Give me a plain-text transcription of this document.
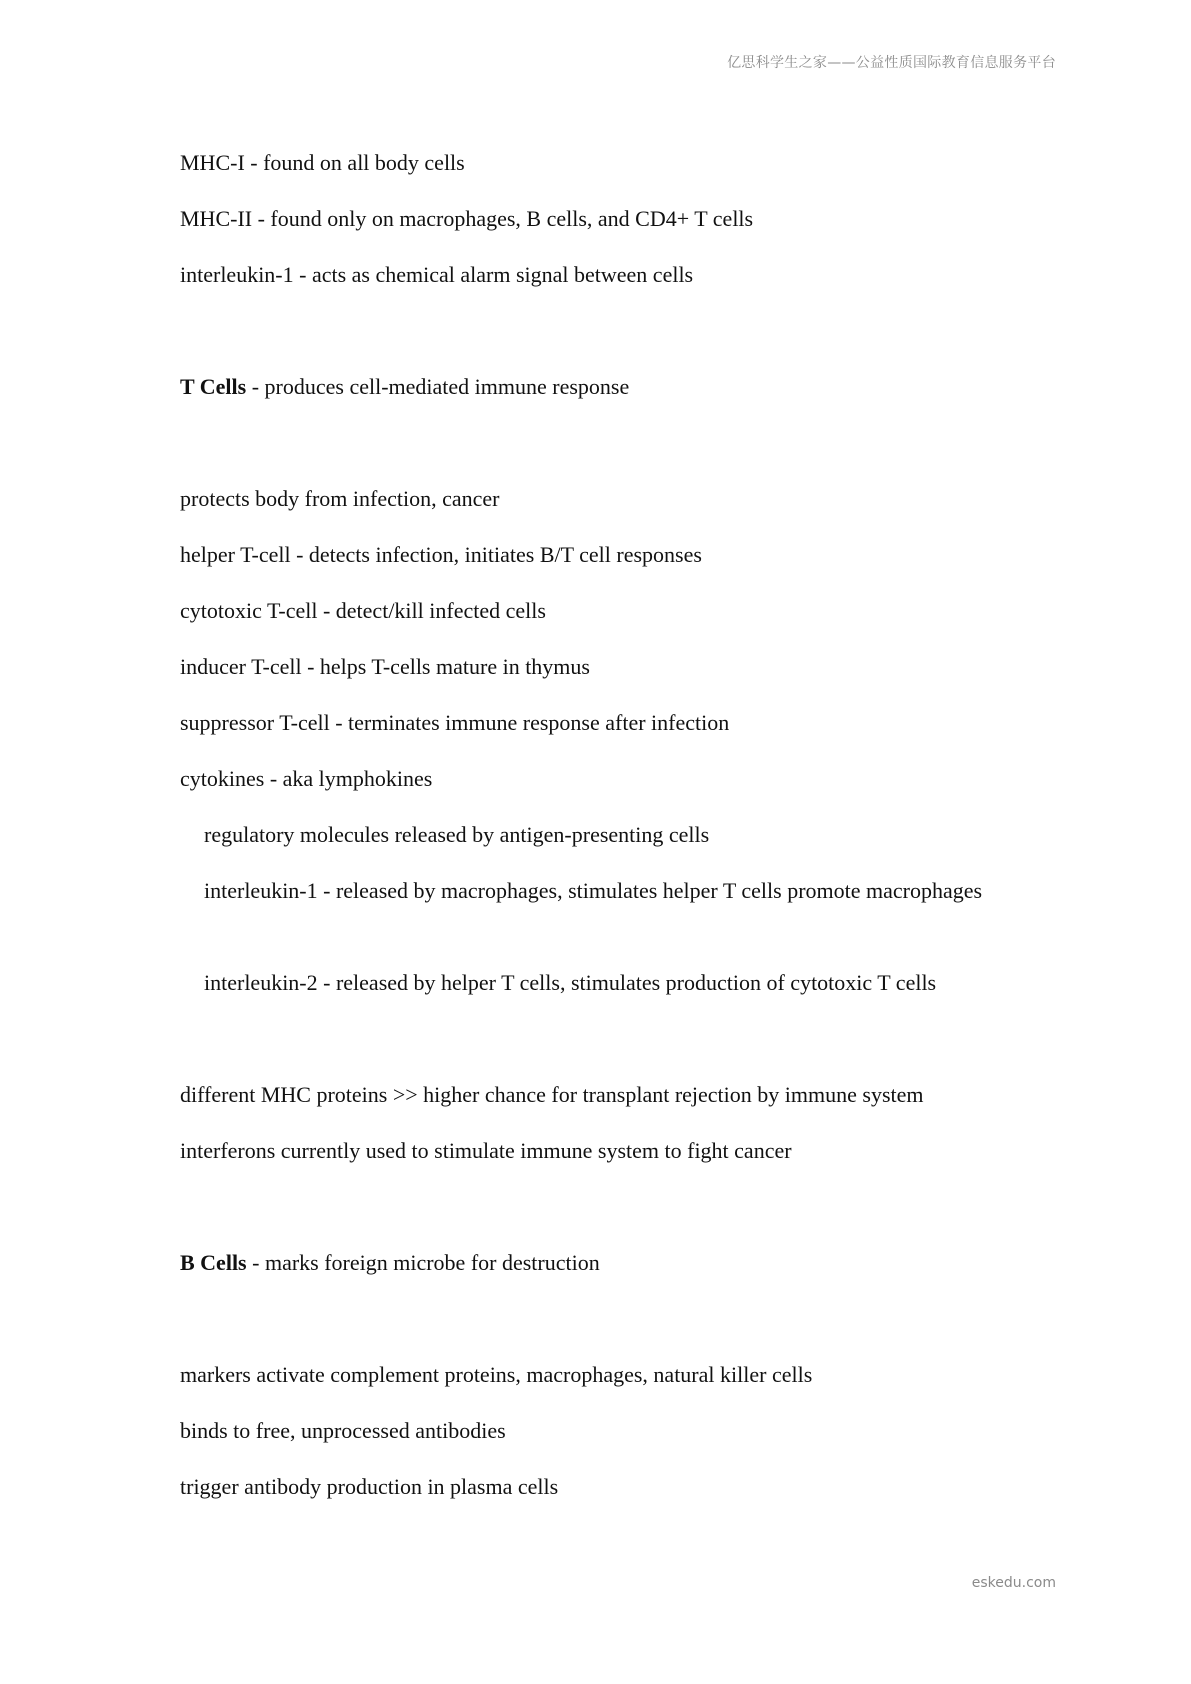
亿思科学生之家——公益性质国际教育信息服务平台
MHC-I - found on all body cells
MHC-II - found only on macrophages, B cells, and CD4+ T cells
interleukin-1 - acts as chemical alarm signal between cells
T Cells - produces cell-mediated immune response
protects body from infection, cancer
helper T-cell - detects infection, initiates B/T cell responses
cytotoxic T-cell - detect/kill infected cells
inducer T-cell - helps T-cells mature in thymus
suppressor T-cell - terminates immune response after infection
cytokines - aka lymphokines
regulatory molecules released by antigen-presenting cells
interleukin-1 - released by macrophages, stimulates helper T cells promote macrophages
interleukin-2 - released by helper T cells, stimulates production of cytotoxic T cells
different MHC proteins >> higher chance for transplant rejection by immune system
interferons currently used to stimulate immune system to fight cancer
B Cells - marks foreign microbe for destruction
markers activate complement proteins, macrophages, natural killer cells
binds to free, unprocessed antibodies
trigger antibody production in plasma cells
eskedu.com
